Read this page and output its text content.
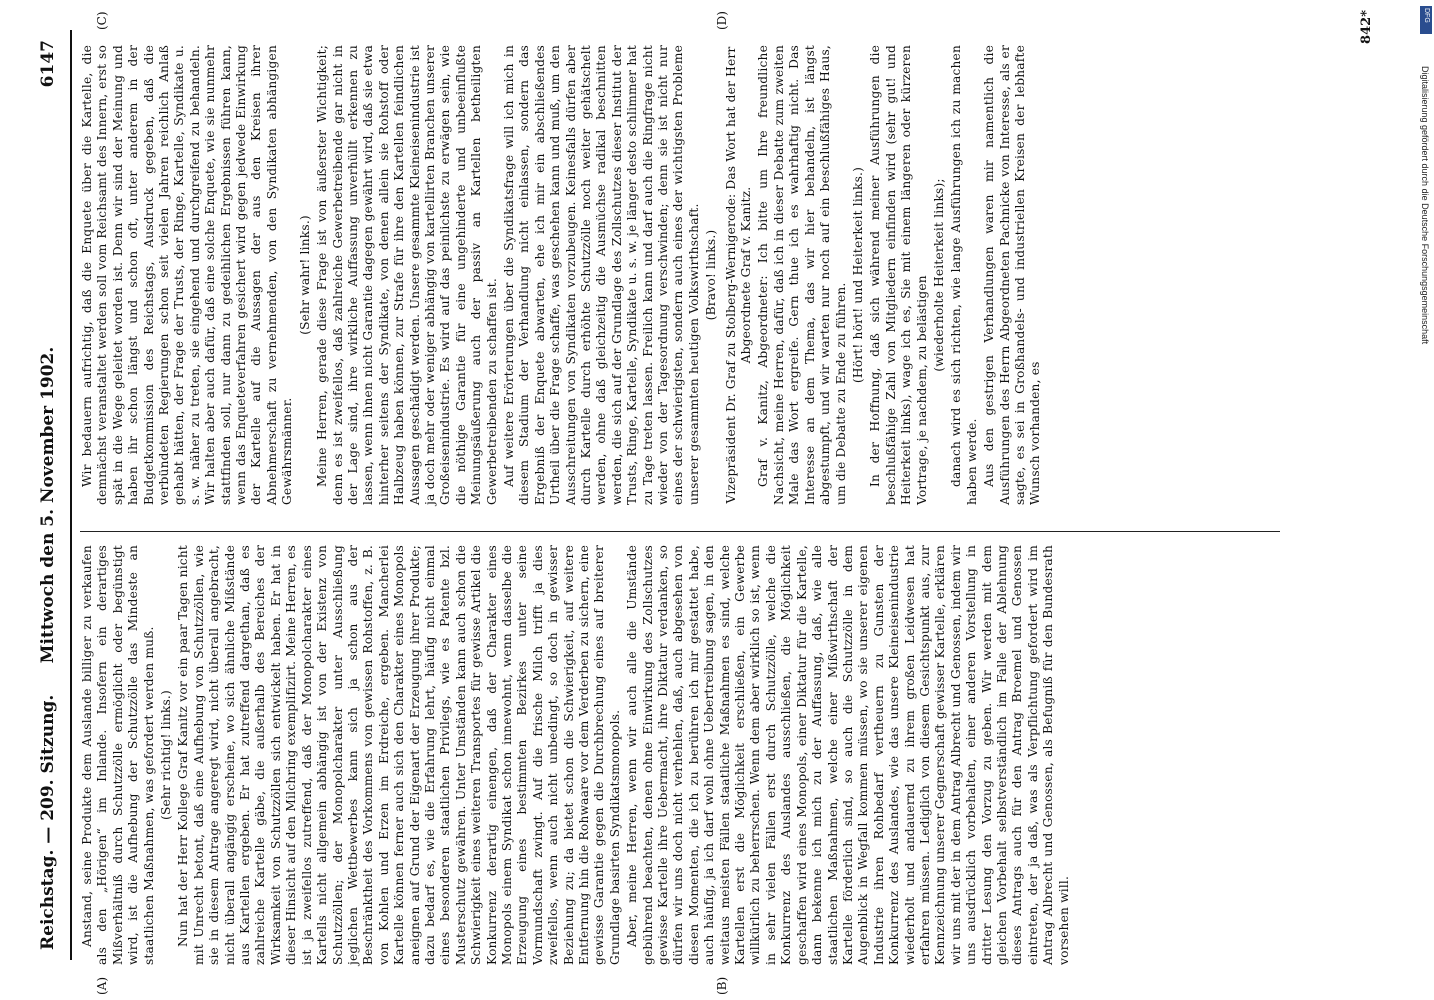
Reichstag. — 209. Sitzung.
Mittwoch den 5. November 1902.
6147
(A)	(B)
(C)	(D)
Anstand, seine Produkte dem Auslande billiger zu verkaufen als den „Hörigen“ im Inlande. Insofern ein derartiges Mißverhältniß durch Schutzzölle ermöglicht oder begünstigt wird, ist die Aufhebung der Schutzzölle das Mindeste an staatlichen Maßnahmen, was gefordert werden muß. (Sehr richtig! links.) Nun hat der Herr Kollege Graf Kanitz vor ein paar Tagen nicht mit Unrecht betont, daß eine Aufhebung von Schutzzöllen, wie sie in diesem Antrage angeregt wird, nicht überall angebracht, nicht überall angängig erscheine, wo sich ähnliche Mißstände aus Kartellen ergeben. Er hat zutreffend dargethan, daß es zahlreiche Kartelle gäbe, die außerhalb des Bereiches der Wirksamkeit von Schutzzöllen sich entwickelt haben. Er hat in dieser Hinsicht auf den Milchring exemplifizirt. Meine Herren, es ist ja zweifellos zutreffend, daß der Monopolcharakter eines Kartells nicht allgemein abhängig ist von der Existenz von Schutzzöllen; der Monopolcharakter unter Ausschließung jeglichen Wettbewerbes kann sich ja schon aus der Beschränktheit des Vorkommens von gewissen Rohstoffen, z. B. von Kohlen und Erzen im Erdreiche, ergeben. Mancherlei Kartelle können ferner auch sich den Charakter eines Monopols aneignen auf Grund der Eigenart der Erzeugung ihrer Produkte; dazu bedarf es, wie die Erfahrung lehrt, häufig nicht einmal eines besonderen staatlichen Privilegs, wie es Patente bzl. Musterschutz gewähren. Unter Umständen kann auch schon die Schwierigkeit eines weiteren Transportes für gewisse Artikel die Konkurrenz derartig einengen, daß der Charakter eines Monopols einem Syndikat schon innewohnt, wenn dasselbe die Erzeugung eines bestimmten Bezirkes unter seine Vormundschaft zwingt. Auf die frische Milch trifft ja dies zweifellos, wenn auch nicht unbedingt, so doch in gewisser Beziehung zu; da bietet schon die Schwierigkeit, auf weitere Entfernung hin die Rohwaare vor dem Verderben zu sichern, eine gewisse Garantie gegen die Durchbrechung eines auf breiterer Grundlage basirten Syndikatsmonopols. Aber, meine Herren, wenn wir auch alle die Umstände gebührend beachten, denen ohne Einwirkung des Zollschutzes gewisse Kartelle ihre Uebermacht, ihre Diktatur verdanken, so dürfen wir uns doch nicht verhehlen, daß, auch abgesehen von diesen Momenten, die ich zu berühren ich mir gestattet habe, auch häufig, ja ich darf wohl ohne Uebertreibung sagen, in den weitaus meisten Fällen staatliche Maßnahmen es sind, welche Kartellen erst die Möglichkeit erschließen, ein Gewerbe willkürlich zu beherrschen. Wenn dem aber wirklich so ist, wenn in sehr vielen Fällen erst durch Schutzzölle, welche die Konkurrenz des Auslandes ausschließen, die Möglichkeit geschaffen wird eines Monopols, einer Diktatur für die Kartelle, dann bekenne ich mich zu der Auffassung, daß, wie alle staatlichen Maßnahmen, welche einer Mißwirthschaft der Kartelle förderlich sind, so auch die Schutzzölle in dem Augenblick in Wegfall kommen müssen, wo sie unserer eigenen Industrie ihren Rohbedarf vertheuern zu Gunsten der Konkurrenz des Auslandes, wie das unsere Kleineisenindustrie wiederholt und andauernd zu ihrem großen Leidwesen hat erfahren müssen. Lediglich von diesem Gesichtspunkt aus, zur Kennzeichnung unserer Gegnerschaft gewisser Kartelle, erklären wir uns mit der in dem Antrag Albrecht und Genossen, indem wir uns ausdrücklich vorbehalten, einer anderen Vorstellung in dritter Lesung den Vorzug zu geben. Wir werden mit dem gleichen Vorbehalt selbstverständlich im Falle der Ablehnung dieses Antrags auch für den Antrag Broemel und Genossen eintreten, der ja daß, was als Verpflichtung gefordert wird im Antrag Albrecht und Genossen, als Befugniß für den Bundesrath vorsehen will.
Wir bedauern aufrichtig, daß die Enquete über die Kartelle, die demnächst veranstaltet werden soll vom Reichsamt des Innern, erst so spät in die Wege geleitet worden ist. Denn wir sind der Meinung und haben ihr schon längst und schon oft, unter anderem in der Budgetkommission des Reichstags, Ausdruck gegeben, daß die verbündeten Regierungen schon seit vielen Jahren reichlich Anlaß gehabt hätten, der Frage der Trusts, der Ringe, Kartelle, Syndikate u. s. w. näher zu treten, sie eingehend und durchgreifend zu behandeln. Wir halten aber auch dafür, daß eine solche Enquete, wie sie nunmehr stattfinden soll, nur dann zu gedeihlichen Ergebnissen führen kann, wenn das Enqueteverfahren gesichert wird gegen jedwede Einwirkung der Kartelle auf die Aussagen der aus den Kreisen ihrer Abnehmerschaft zu vernehmenden, von den Syndikaten abhängigen Gewährsmänner.
(Sehr wahr! links.) Meine Herren, gerade diese Frage ist von äußerster Wichtigkeit; denn es ist zweifellos, daß zahlreiche Gewerbetreibende gar nicht in der Lage sind, ihre wirkliche Auffassung unverhüllt erkennen zu lassen, wenn ihnen nicht Garantie dagegen gewährt wird, daß sie etwa hinterher seitens der Syndikate, von denen allein sie Rohstoff oder Halbzeug haben können, zur Strafe für ihre den Kartellen feindlichen Aussagen geschädigt werden. Unsere gesammte Kleineisenindustrie ist ja doch mehr oder weniger abhängig von kartellirten Branchen unserer Großeisenindustrie. Es wird auf das peinlichste zu erwägen sein, wie die nöthige Garantie für eine ungehinderte und unbeeinflußte Meinungsäußerung auch der passiv an Kartellen betheiligten Gewerbetreibenden zu schaffen ist. Auf weitere Erörterungen über die Syndikatsfrage will ich mich in diesem Stadium der Verhandlung nicht einlassen, sondern das Ergebniß der Enquete abwarten, ehe ich mir ein abschließendes Urtheil über die Frage schaffe, was geschehen kann und muß, um den Ausschreitungen von Syndikaten vorzubeugen. Keinesfalls dürfen aber durch Kartelle durch erhöhte Schutzzölle noch weiter gehätschelt werden, ohne daß gleichzeitig die Ausmüchse radikal beschnitten werden, die sich auf der Grundlage des Zollschutzes dieser Institut der Trusts, Ringe, Kartelle, Syndikate u. s. w. je länger desto schlimmer hat zu Tage treten lassen. Freilich kann und darf auch die Ringfrage nicht wieder von der Tagesordnung verschwinden; denn sie ist nicht nur eines der schwierigsten, sondern auch eines der wichtigsten Probleme unserer gesammten heutigen Volkswirthschaft. (Bravo! links.) Vizepräsident Dr. Graf zu Stolberg-Wernigerode: Das Wort hat der Herr Abgeordnete Graf v. Kanitz. Graf v. Kanitz, Abgeordneter: Ich bitte um Ihre freundliche Nachsicht, meine Herren, dafür, daß ich in dieser Debatte zum zweiten Male das Wort ergreife. Gern thue ich es wahrhaftig nicht. Das Interesse an dem Thema, das wir hier behandeln, ist längst abgestumpft, und wir warten nur noch auf ein beschlußfähiges Haus, um die Debatte zu Ende zu führen.
(Hört! hört! und Heiterkeit links.) In der Hoffnung, daß sich während meiner Ausführungen die beschlußfähige Zahl von Mitgliedern einfinden wird (sehr gut! und Heiterkeit links), wage ich es, Sie mit einem längeren oder kürzeren Vortrage, je nachdem, zu belästigen
(wiederholte Heiterkeit links); danach wird es sich richten, wie lange Ausführungen ich zu machen haben werde. Aus den gestrigen Verhandlungen waren mir namentlich die Ausführungen des Herrn Abgeordneten Pachnicke von Interesse, als er sagte, es sei in Großhandels- und industriellen Kreisen der lebhafte Wunsch vorhanden, es
842*
Digitalisierung gefördert durch die Deutsche Forschungsgemeinschaft
DFG
